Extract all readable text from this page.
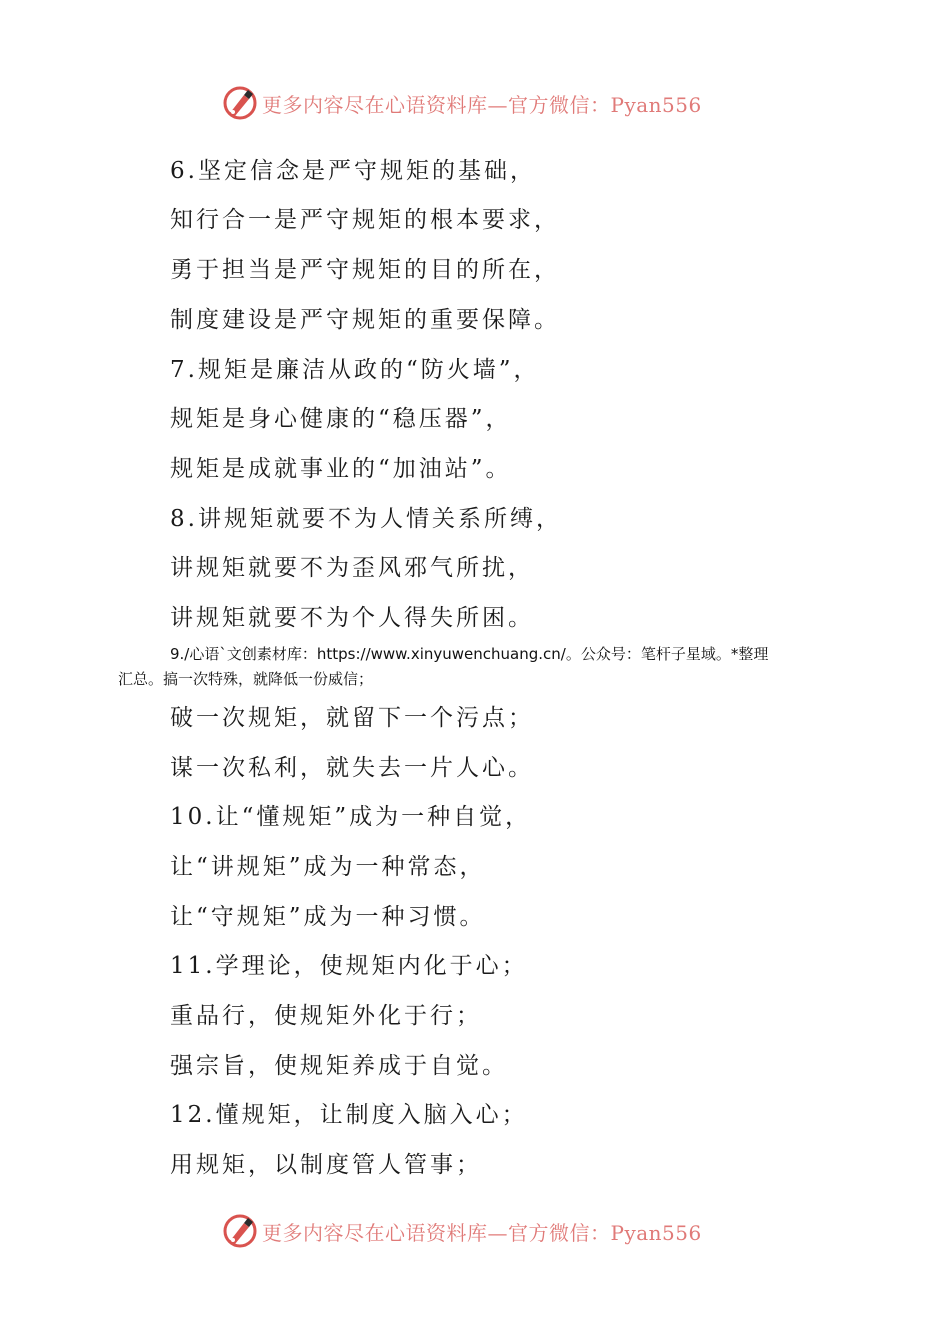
更多内容尽在心语资料库—官方微信：Pyan556
6.坚定信念是严守规矩的基础，
知行合一是严守规矩的根本要求，
勇于担当是严守规矩的目的所在，
制度建设是严守规矩的重要保障。
7.规矩是廉洁从政的“防火墙”，
规矩是身心健康的“稳压器”，
规矩是成就事业的“加油站”。
8.讲规矩就要不为人情关系所缚，
讲规矩就要不为歪风邪气所扰，
讲规矩就要不为个人得失所困。
9./心语`文创素材库：https://www.xinyuwenchuang.cn/。公众号：笔杆子星域。*整理
汇总。搞一次特殊，就降低一份威信；
破一次规矩，就留下一个污点；
谋一次私利，就失去一片人心。
10.让“懂规矩”成为一种自觉，
让“讲规矩”成为一种常态，
让“守规矩”成为一种习惯。
11.学理论，使规矩内化于心；
重品行，使规矩外化于行；
强宗旨，使规矩养成于自觉。
12.懂规矩，让制度入脑入心；
用规矩，以制度管人管事；
更多内容尽在心语资料库—官方微信：Pyan556
